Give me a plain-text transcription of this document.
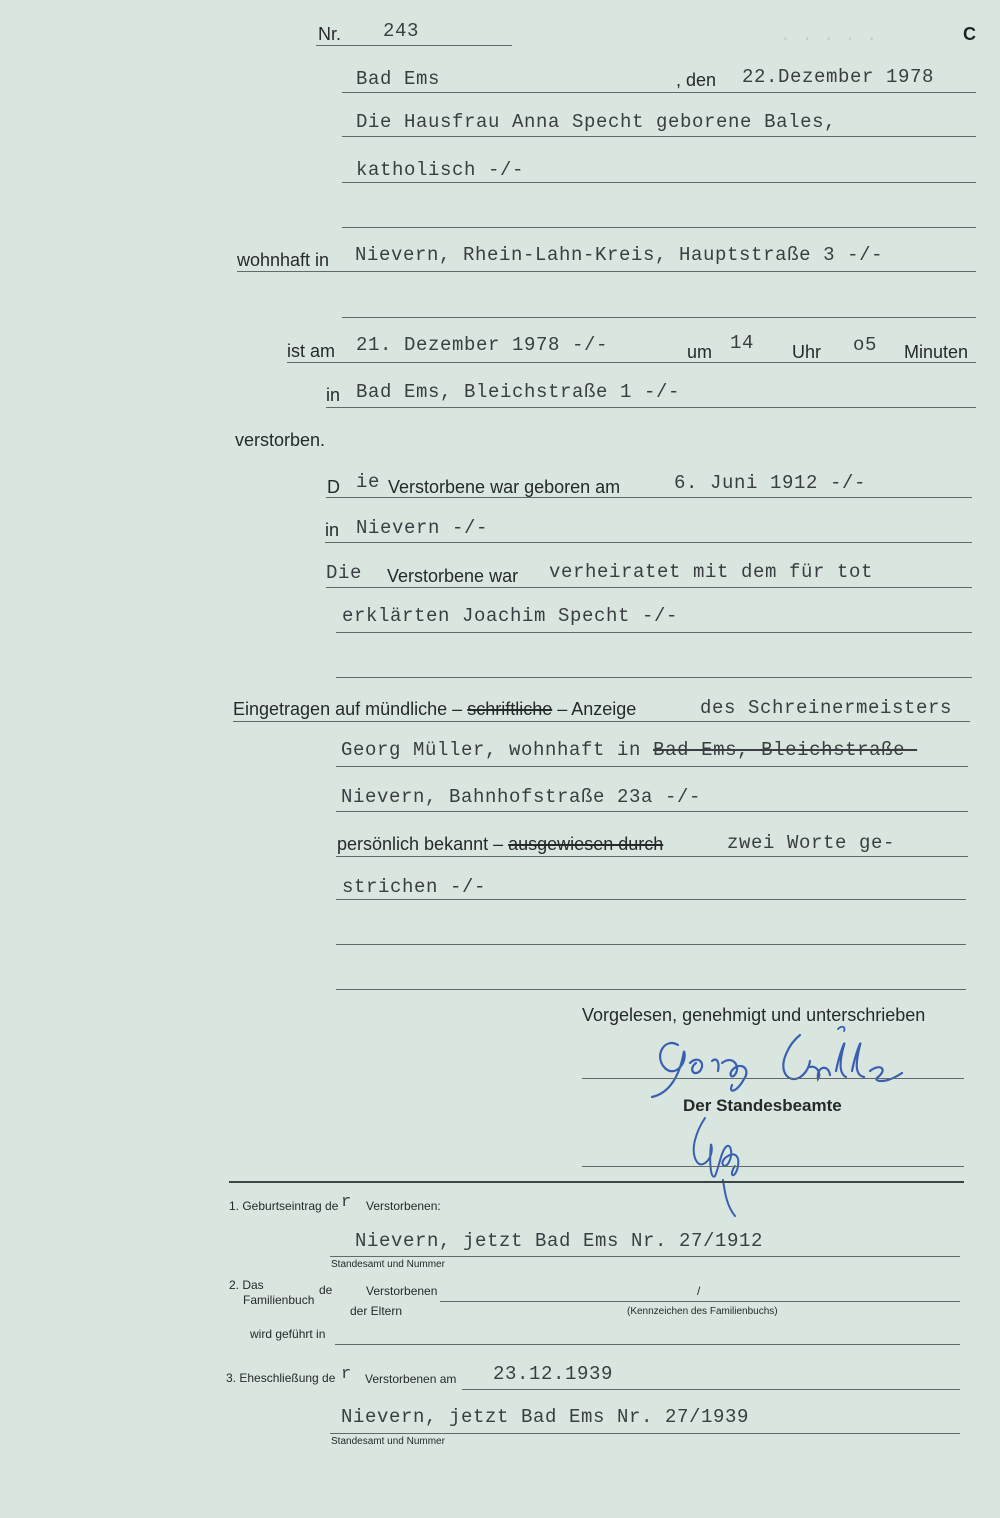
· · · · ·
Nr. 243	C
Bad Ems	, den 22.Dezember 1978
Die Hausfrau Anna Specht geborene Bales,
katholisch -/-
wohnhaft in Nievern, Rhein-Lahn-Kreis, Hauptstraße 3 -/-
ist am 21. Dezember 1978 -/-	um 14 Uhr o5 Minuten
in Bad Ems, Bleichstraße 1 -/-
verstorben.
D ie Verstorbene war geboren am	6. Juni 1912 -/-
in Nievern -/-
Die Verstorbene war verheiratet mit dem für tot
erklärten Joachim Specht -/-
Eingetragen auf mündliche – schriftliche – Anzeige	des Schreinermeisters
Georg Müller, wohnhaft in Bad-Ems, Bleichstraße-
Nievern, Bahnhofstraße 23a -/-
persönlich bekannt – ausgewiesen durch	zwei Worte ge-
strichen -/-
Vorgelesen, genehmigt und unterschrieben
Der Standesbeamte
1. Geburtseintrag de r Verstorbenen:
Nievern, jetzt Bad Ems Nr. 27/1912
Standesamt und Nummer
2. Das
Familienbuch
de	Verstorbenen	/
der Eltern	(Kennzeichen des Familienbuchs)
wird geführt in
3. Eheschließung de r Verstorbenen am 23.12.1939
Nievern, jetzt Bad Ems Nr. 27/1939
Standesamt und Nummer
